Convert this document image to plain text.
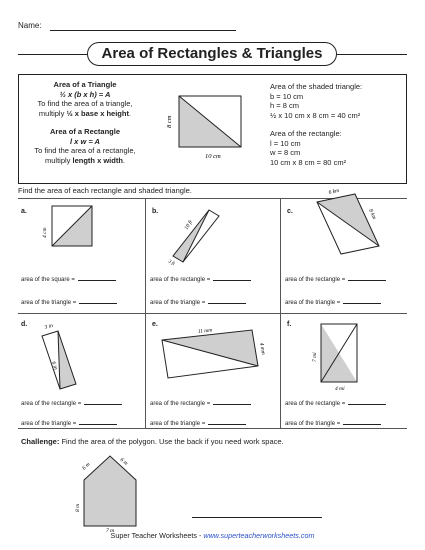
Name:
Area of Rectangles & Triangles
Area of a Triangle
½ x (b x h) = A
To find the area of a triangle,
multiply ½ x base x height.
Area of a Rectangle
l x w = A
To find the area of a rectangle,
multiply length x width.
8 cm
10 cm
Area of the shaded triangle:
b = 10 cm
h = 8 cm
½ x 10 cm x 8 cm = 40 cm²
Area of the rectangle:
l = 10 cm
w = 8 cm
10 cm x 8 cm = 80 cm²
Find the area of each rectangle and shaded triangle.
a.
4 cm
area of the square =
area of the triangle =
b.
10 ft
3 ft
area of the rectangle =
area of the triangle =
c.
6 km
8 km
area of the rectangle =
area of the triangle =
d.	3 in
6 in
area of the rectangle =
area of the triangle =
e.
11 mm
4 mm
area of the rectangle =
area of the triangle =
f.
7 mi
4 mi
area of the rectangle =
area of the triangle =
Challenge: Find the area of the polygon. Use the back if you need work space.
6 m	6 m
8 m
7 m
Super Teacher Worksheets - www.superteacherworksheets.com
